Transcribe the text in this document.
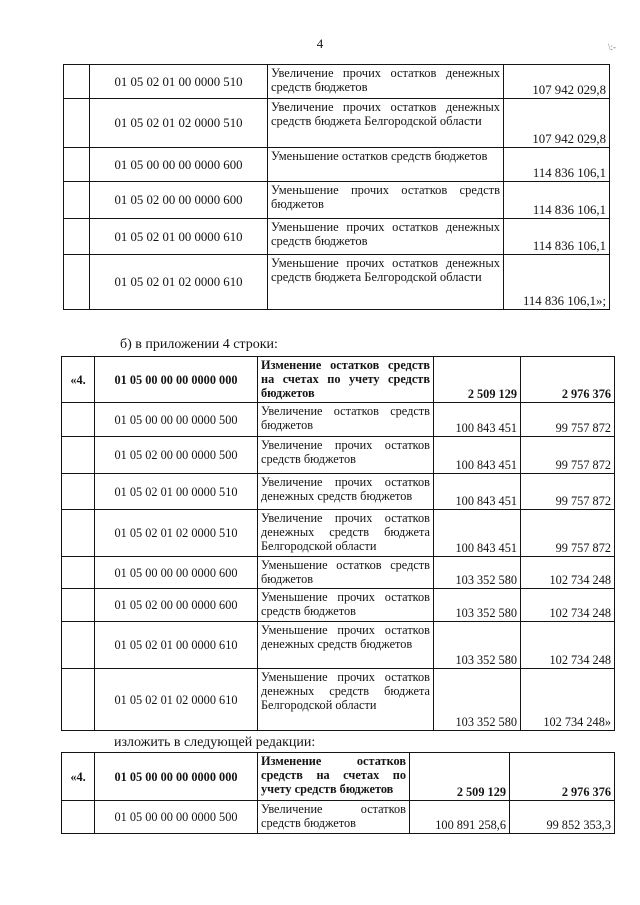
4	\:-
	01 05 02 01 00 0000 510	Увеличение прочих остатков денежных средств бюджетов	107 942 029,8
	01 05 02 01 02 0000 510	Увеличение прочих остатков денежных средств бюджета Белгородской области	107 942 029,8
	01 05 00 00 00 0000 600	Уменьшение остатков средств бюджетов	114 836 106,1
	01 05 02 00 00 0000 600	Уменьшение прочих остатков средств бюджетов	114 836 106,1
	01 05 02 01 00 0000 610	Уменьшение прочих остатков денежных средств бюджетов	114 836 106,1
	01 05 02 01 02 0000 610	Уменьшение прочих остатков денежных средств бюджета Белгородской области	114 836 106,1»;
б) в приложении 4 строки:
«4.	01 05 00 00 00 0000 000	Изменение остатков средств на счетах по учету средств бюджетов	2 509 129	2 976 376
	01 05 00 00 00 0000 500	Увеличение остатков средств бюджетов	100 843 451	99 757 872
	01 05 02 00 00 0000 500	Увеличение прочих остатков средств бюджетов	100 843 451	99 757 872
	01 05 02 01 00 0000 510	Увеличение прочих остатков денежных средств бюджетов	100 843 451	99 757 872
	01 05 02 01 02 0000 510	Увеличение прочих остатков денежных средств бюджета Белгородской области	100 843 451	99 757 872
	01 05 00 00 00 0000 600	Уменьшение остатков средств бюджетов	103 352 580	102 734 248
	01 05 02 00 00 0000 600	Уменьшение прочих остатков средств бюджетов	103 352 580	102 734 248
	01 05 02 01 00 0000 610	Уменьшение прочих остатков денежных средств бюджетов	103 352 580	102 734 248
	01 05 02 01 02 0000 610	Уменьшение прочих остатков денежных средств бюджета Белгородской области	103 352 580	102 734 248»
изложить в следующей редакции:
«4.	01 05 00 00 00 0000 000	Изменение остатков средств на счетах по учету средств бюджетов	2 509 129	2 976 376
	01 05 00 00 00 0000 500	Увеличение остатков средств бюджетов	100 891 258,6	99 852 353,3
